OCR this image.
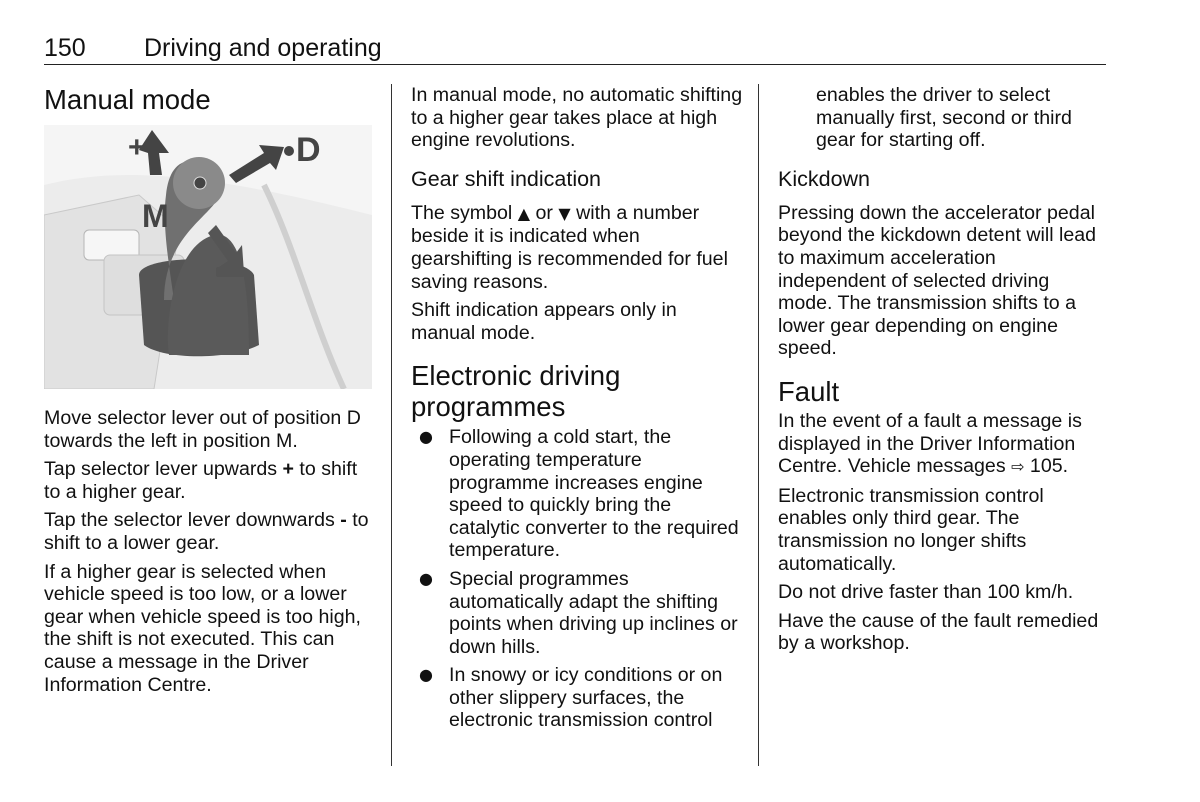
150 Driving and operating
Manual mode

Move selector lever out of position D towards the left in position M.

Tap selector lever upwards + to shift to a higher gear.

Tap the selector lever downwards - to shift to a lower gear.

If a higher gear is selected when vehicle speed is too low, or a lower gear when vehicle speed is too high, the shift is not executed. This can cause a message in the Driver Information Centre.

+	D
M

In manual mode, no automatic shifting to a higher gear takes place at high engine revolutions.

Gear shift indication

The symbol ▲ or ▼ with a number beside it is indicated when gearshifting is recommended for fuel saving reasons.

Shift indication appears only in manual mode.

Electronic driving programmes
● Following a cold start, the operating temperature programme increases engine speed to quickly bring the catalytic converter to the required temperature.
● Special programmes automatically adapt the shifting points when driving up inclines or down hills.
● In snowy or icy conditions or on other slippery surfaces, the electronic transmission control

enables the driver to select manually first, second or third gear for starting off.

Kickdown

Pressing down the accelerator pedal beyond the kickdown detent will lead to maximum acceleration independent of selected driving mode. The transmission shifts to a lower gear depending on engine speed.

Fault

In the event of a fault a message is displayed in the Driver Information Centre. Vehicle messages ⇨ 105.

Electronic transmission control enables only third gear. The transmission no longer shifts automatically.

Do not drive faster than 100 km/h.

Have the cause of the fault remedied by a workshop.
